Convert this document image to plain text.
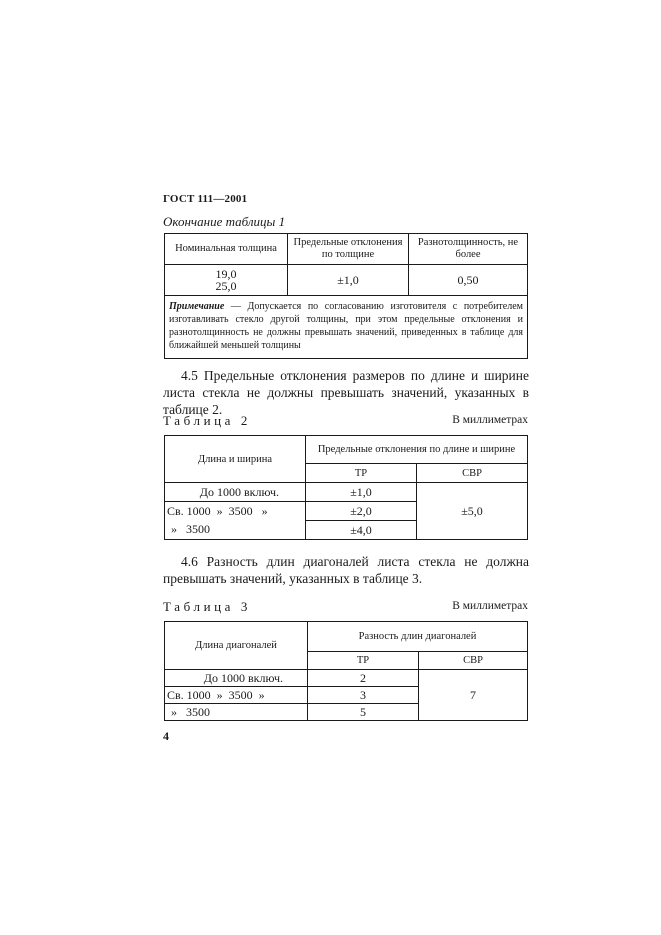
ГОСТ 111—2001
Окончание таблицы 1
Номинальная толщина	Предельные отклонения по толщине	Разнотолщинность, не более
19,0
25,0	±1,0	0,50
Примечание — Допускается по согласованию изготовителя с потребителем изготавливать стекло другой толщины, при этом предельные отклонения и разнотолщинность не должны превышать значений, приведенных в таблице для ближайшей меньшей толщины		
4.5 Предельные отклонения размеров по длине и ширине листа стекла не должны превышать значений, указанных в таблице 2.
Таблица 2	В миллиметрах
Длина и ширина	Предельные отклонения по длине и ширине	
	ТР	СВР
До 1000 включ.	±1,0	±5,0
Св. 1000  »  3500   »	±2,0	
»   3500	±4,0	
4.6 Разность длин диагоналей листа стекла не должна превышать значений, указанных в таблице 3.
Таблица 3	В миллиметрах
Длина диагоналей	Разность длин диагоналей	
	ТР	СВР
До 1000 включ.	2	7
Св. 1000  »  3500  »	3	
»   3500	5	
4
